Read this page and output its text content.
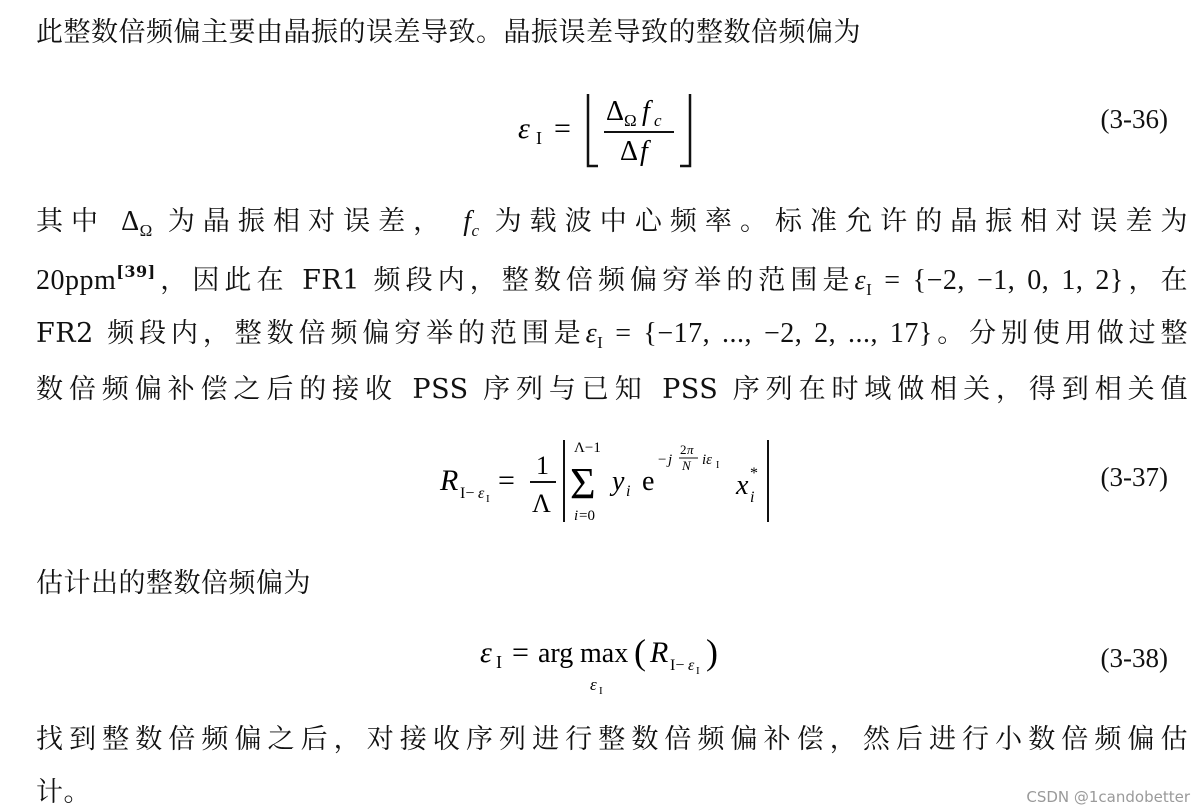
此整数倍频偏主要由晶振的误差导致。晶振误差导致的整数倍频偏为
ε I =
Δ Ω f c
Δ f
(3-36)
其中 $\Delta_\Omega$ 为晶振相对误差， $f_c$ 为载波中心频率。标准允许的晶振相对误差为
20ppm[39]，因此在 FR1 频段内，整数倍频偏穷举的范围是$\varepsilon_I = \{-2$, −1, 0, 1, 2}，在
FR2 频段内，整数倍频偏穷举的范围是$\varepsilon_I = \{-17$, ..., −2, 2, ..., 17}。分别使用做过整
数倍频偏补偿之后的接收 PSS 序列与已知 PSS 序列在时域做相关，得到相关值
R I− ε I
= 1
Λ
Λ−1
Σ
i =0
y i e
− j
2 π
N iε I
x *
i
(3-37)
估计出的整数倍频偏为
ε I = arg max
ε I
( R I− ε I )	(3-38)
找到整数倍频偏之后，对接收序列进行整数倍频偏补偿，然后进行小数倍频偏估
计。	CSDN @1candobetter
